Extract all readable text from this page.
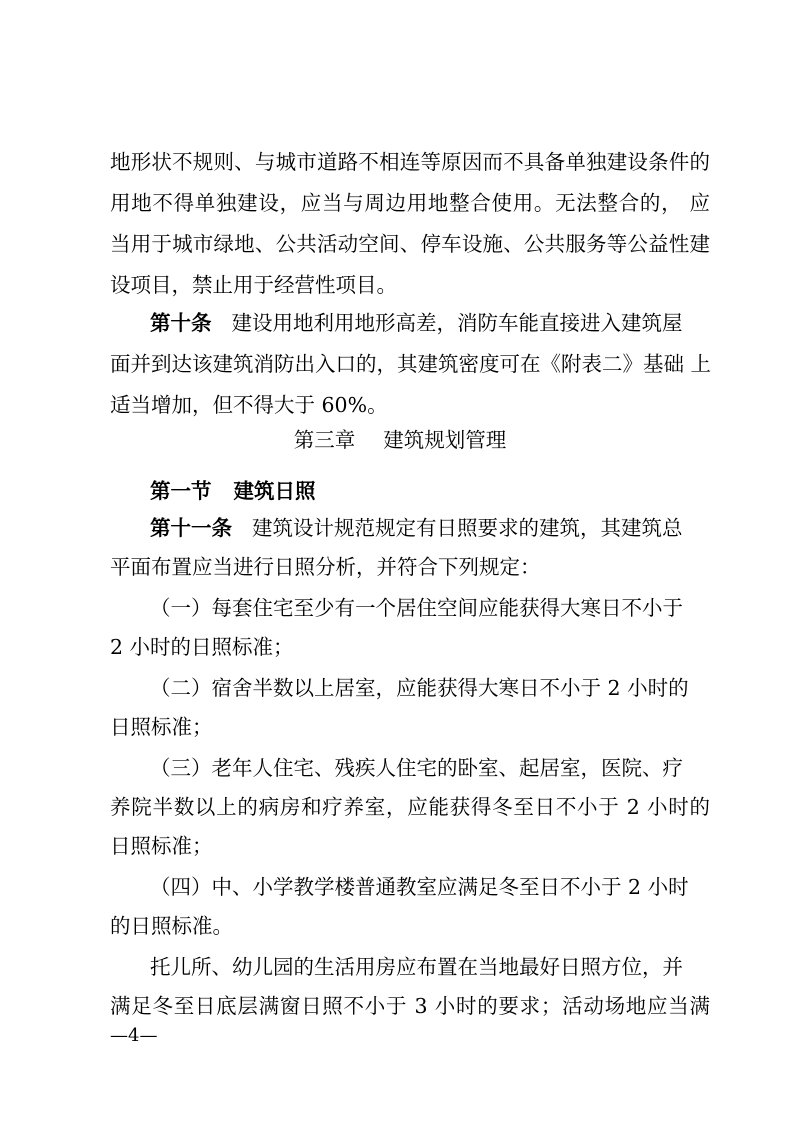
地形状不规则、与城市道路不相连等原因而不具备单独建设条件的
用地不得单独建设，应当与周边用地整合使用。无法整合的， 应
当用于城市绿地、公共活动空间、停车设施、公共服务等公益性建
设项目，禁止用于经营性项目。
第十条 建设用地利用地形高差，消防车能直接进入建筑屋
面并到达该建筑消防出入口的，其建筑密度可在《附表二》基础 上
适当增加，但不得大于 60%。
第三章 建筑规划管理
第一节 建筑日照
第十一条 建筑设计规范规定有日照要求的建筑，其建筑总
平面布置应当进行日照分析，并符合下列规定：
（一）每套住宅至少有一个居住空间应能获得大寒日不小于
2 小时的日照标准；
（二）宿舍半数以上居室，应能获得大寒日不小于 2 小时的
日照标准；
（三）老年人住宅、残疾人住宅的卧室、起居室，医院、疗
养院半数以上的病房和疗养室，应能获得冬至日不小于 2 小时的
日照标准；
（四）中、小学教学楼普通教室应满足冬至日不小于 2 小时
的日照标准。
托儿所、幼儿园的生活用房应布置在当地最好日照方位，并
满足冬至日底层满窗日照不小于 3 小时的要求；活动场地应当满
—4—
